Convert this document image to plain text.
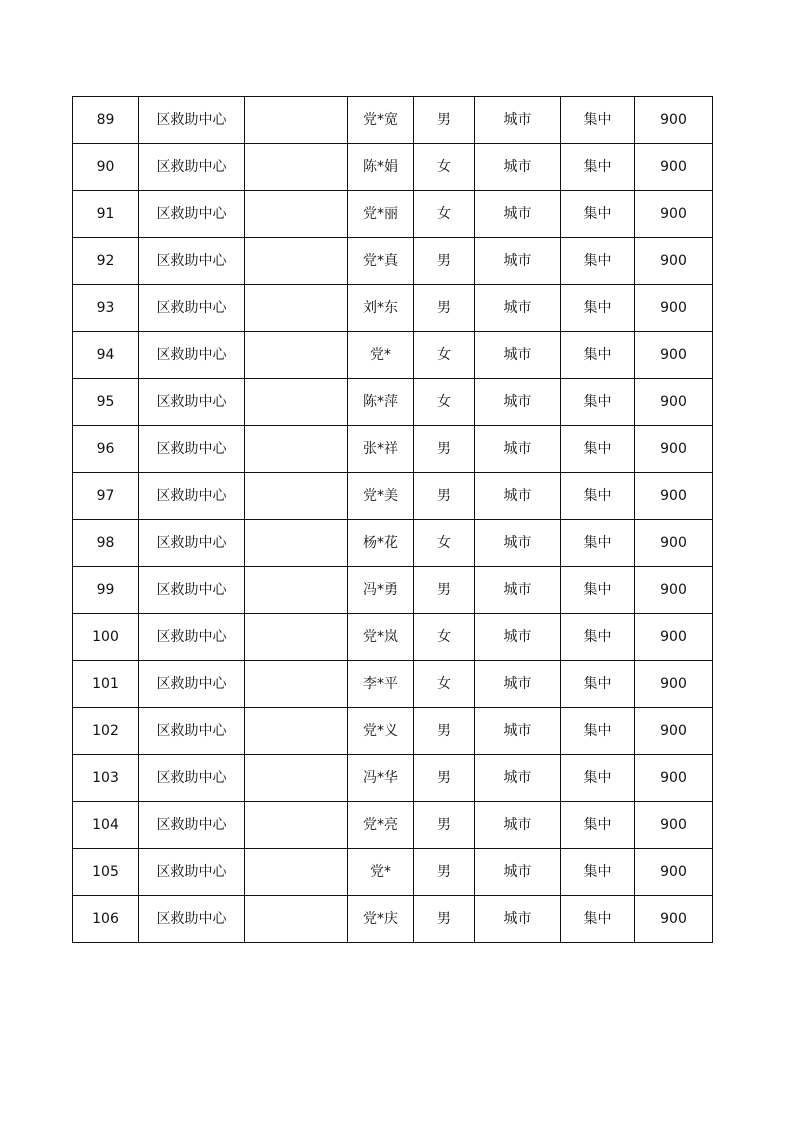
89	区救助中心		党*宽	男	城市	集中	900
90	区救助中心		陈*娟	女	城市	集中	900
91	区救助中心		党*丽	女	城市	集中	900
92	区救助中心		党*真	男	城市	集中	900
93	区救助中心		刘*东	男	城市	集中	900
94	区救助中心		党*	女	城市	集中	900
95	区救助中心		陈*萍	女	城市	集中	900
96	区救助中心		张*祥	男	城市	集中	900
97	区救助中心		党*美	男	城市	集中	900
98	区救助中心		杨*花	女	城市	集中	900
99	区救助中心		冯*勇	男	城市	集中	900
100	区救助中心		党*岚	女	城市	集中	900
101	区救助中心		李*平	女	城市	集中	900
102	区救助中心		党*义	男	城市	集中	900
103	区救助中心		冯*华	男	城市	集中	900
104	区救助中心		党*亮	男	城市	集中	900
105	区救助中心		党*	男	城市	集中	900
106	区救助中心		党*庆	男	城市	集中	900
